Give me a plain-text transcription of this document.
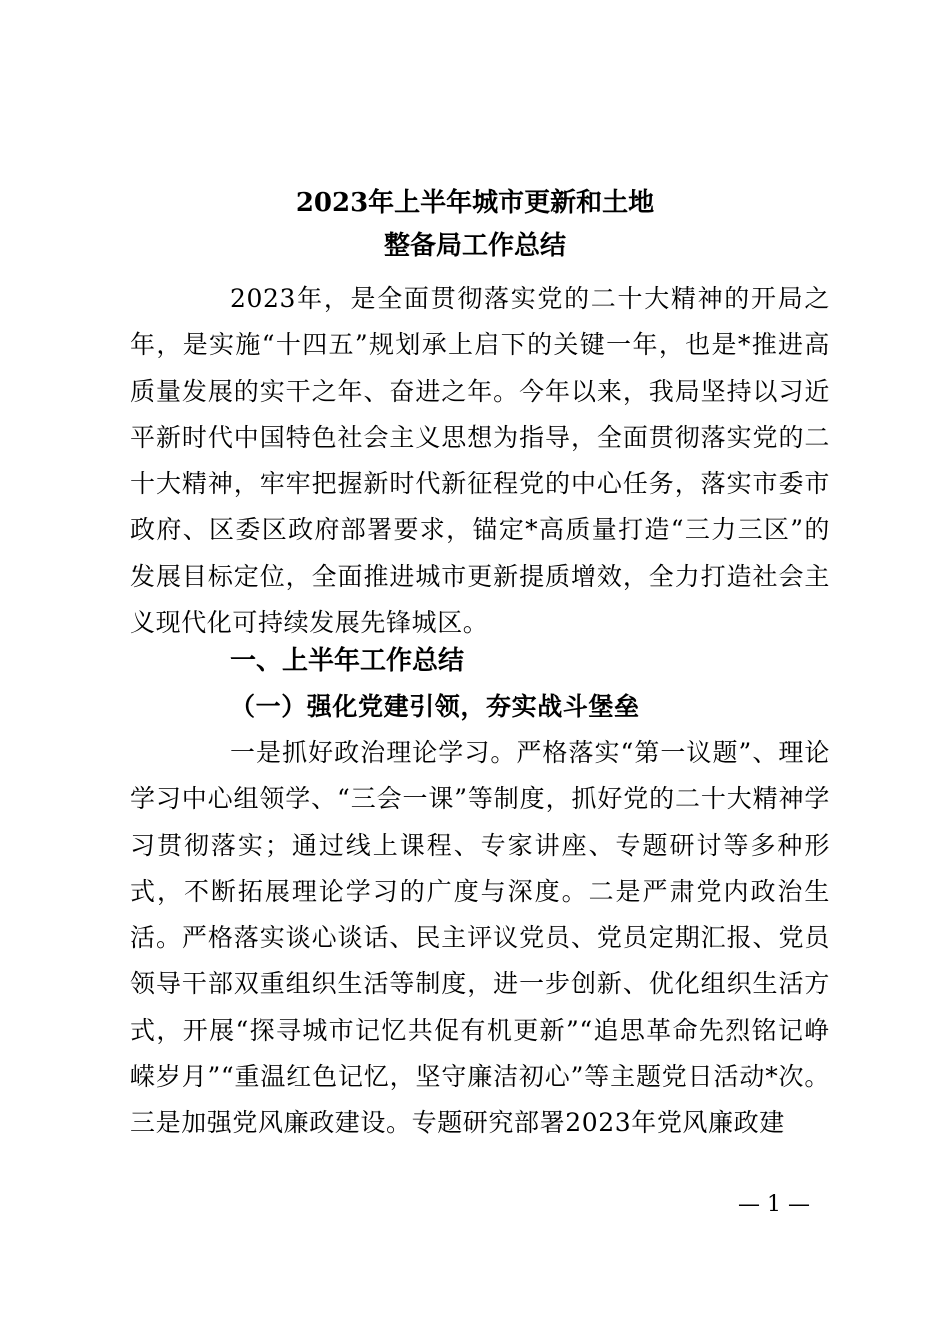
2023年上半年城市更新和土地
整备局工作总结

2023年，是全面贯彻落实党的二十大精神的开局之年，是实施“十四五”规划承上启下的关键一年，也是*推进高质量发展的实干之年、奋进之年。今年以来，我局坚持以习近平新时代中国特色社会主义思想为指导，全面贯彻落实党的二十大精神，牢牢把握新时代新征程党的中心任务，落实市委市政府、区委区政府部署要求，锚定*高质量打造“三力三区”的发展目标定位，全面推进城市更新提质增效，全力打造社会主义现代化可持续发展先锋城区。

一、上半年工作总结
（一）强化党建引领，夯实战斗堡垒

一是抓好政治理论学习。严格落实“第一议题”、理论学习中心组领学、“三会一课”等制度，抓好党的二十大精神学习贯彻落实；通过线上课程、专家讲座、专题研讨等多种形式，不断拓展理论学习的广度与深度。二是严肃党内政治生活。严格落实谈心谈话、民主评议党员、党员定期汇报、党员领导干部双重组织生活等制度，进一步创新、优化组织生活方式，开展“探寻城市记忆共促有机更新”“追思革命先烈铭记峥嵘岁月”“重温红色记忆，坚守廉洁初心”等主题党日活动*次。三是加强党风廉政建设。专题研究部署2023年党风廉政建

— 1 —
